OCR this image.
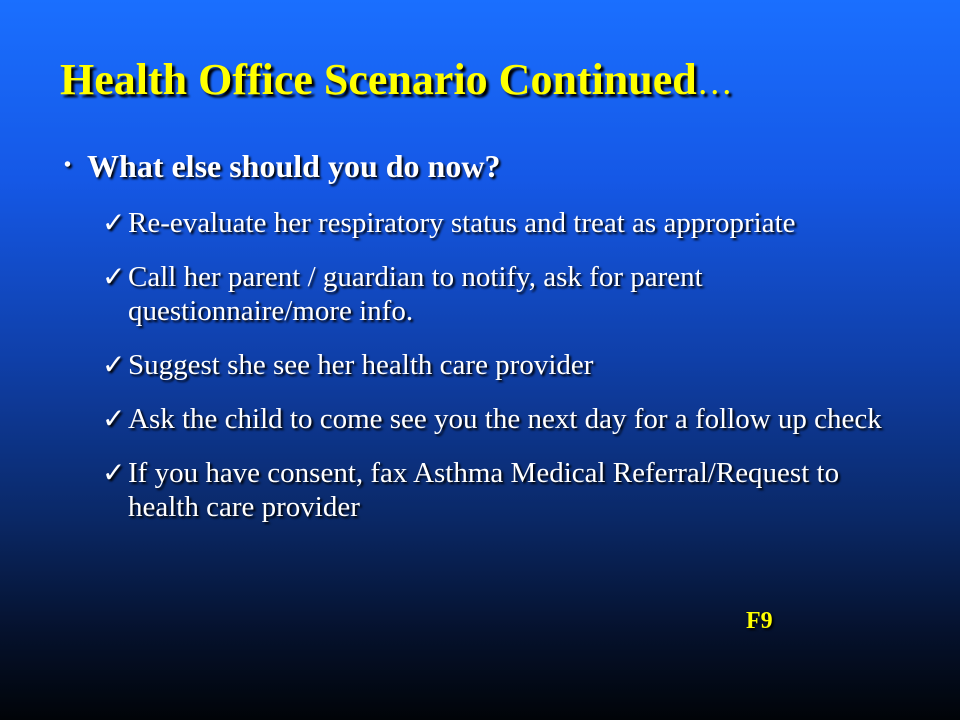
Health Office Scenario Continued…
• What else should you do now?
✓ Re-evaluate her respiratory status and treat as appropriate
✓ Call her parent / guardian to notify, ask for parent questionnaire/more info.
✓ Suggest she see her health care provider
✓ Ask the child to come see you the next day for a follow up check
✓ If you have consent, fax Asthma Medical Referral/Request to health care provider
F9
